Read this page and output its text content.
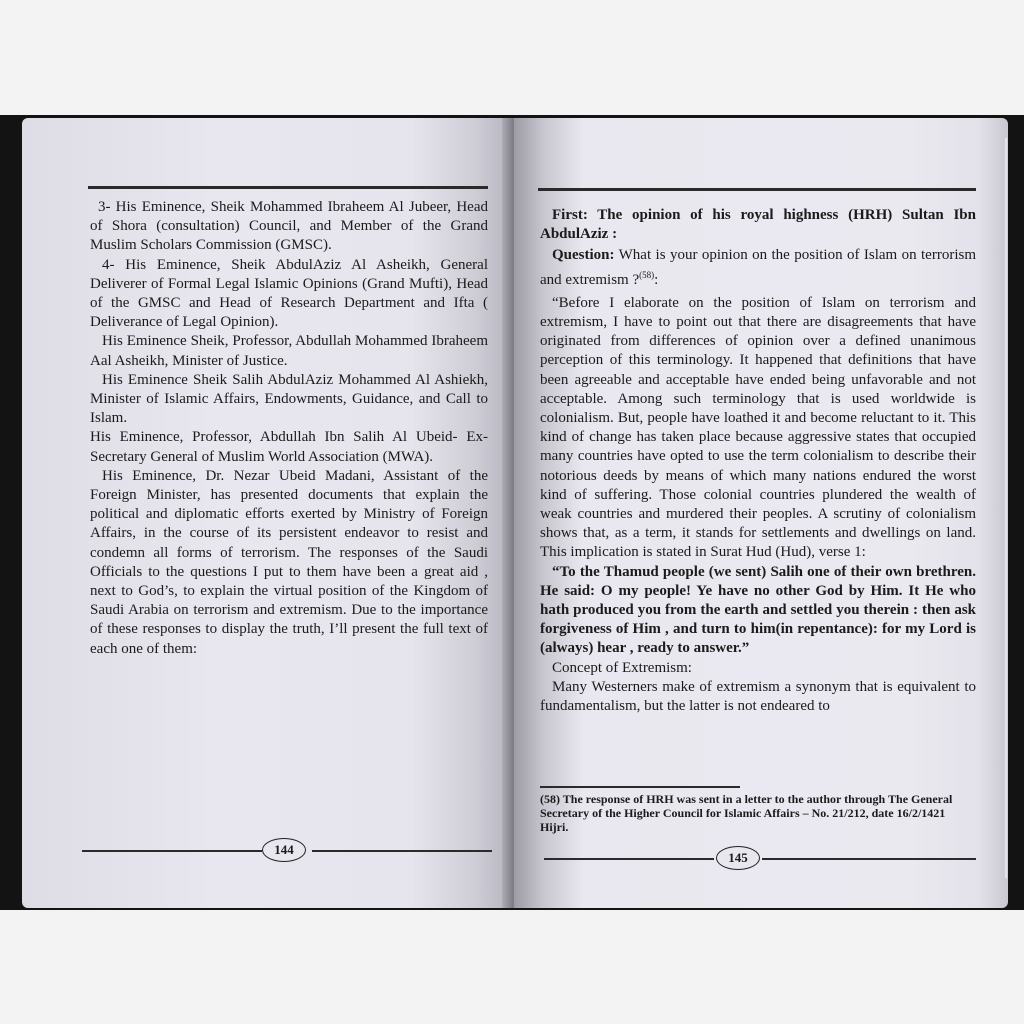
3- His Eminence, Sheik Mohammed Ibraheem Al Jubeer, Head of Shora (consultation) Council, and Member of the Grand Muslim Scholars Commission (GMSC).

4- His Eminence, Sheik AbdulAziz Al Asheikh, General Deliverer of Formal Legal Islamic Opinions (Grand Mufti), Head of the GMSC and Head of Research Department and Ifta ( Deliverance of Legal Opinion).

His Eminence Sheik, Professor, Abdullah Mohammed Ibraheem Aal Asheikh, Minister of Justice.

His Eminence Sheik Salih AbdulAziz Mohammed Al Ashiekh, Minister of Islamic Affairs, Endowments, Guidance, and Call to Islam.

His Eminence, Professor, Abdullah Ibn Salih Al Ubeid- Ex- Secretary General of Muslim World Association (MWA).

His Eminence, Dr. Nezar Ubeid Madani, Assistant of the Foreign Minister, has presented documents that explain the political and diplomatic efforts exerted by Ministry of Foreign Affairs, in the course of its persistent endeavor to resist and condemn all forms of terrorism. The responses of the Saudi Officials to the questions I put to them have been a great aid , next to God’s, to explain the virtual position of the Kingdom of Saudi Arabia on terrorism and extremism. Due to the importance of these responses to display the truth, I’ll present the full text of each one of them:

144

First: The opinion of his royal highness (HRH) Sultan Ibn AbdulAziz :

Question: What is your opinion on the position of Islam on terrorism and extremism ?$^{(58)}$:

“Before I elaborate on the position of Islam on terrorism and extremism, I have to point out that there are disagreements that have originated from differences of opinion over a defined unanimous perception of this terminology. It happened that definitions that have been agreeable and acceptable have ended being unfavorable and not acceptable. Among such terminology that is used worldwide is colonialism. But, people have loathed it and become reluctant to it. This kind of change has taken place because aggressive states that occupied many countries have opted to use the term colonialism to describe their notorious deeds by means of which many nations endured the worst kind of suffering. Those colonial countries plundered the wealth of weak countries and murdered their peoples. A scrutiny of colonialism shows that, as a term, it stands for settlements and dwellings on land. This implication is stated in Surat Hud (Hud), verse 1:

“To the Thamud people (we sent) Salih one of their own brethren. He said: O my people! Ye have no other God by Him. It He who hath produced you from the earth and settled you therein : then ask forgiveness of Him , and turn to him(in repentance): for my Lord is (always) hear , ready to answer.”

Concept of Extremism:

Many Westerners make of extremism a synonym that is equivalent to fundamentalism, but the latter is not endeared to

(58) The response of HRH was sent in a letter to the author through The General Secretary of the Higher Council for Islamic Affairs – No. 21/212, date 16/2/1421 Hijri.
145
